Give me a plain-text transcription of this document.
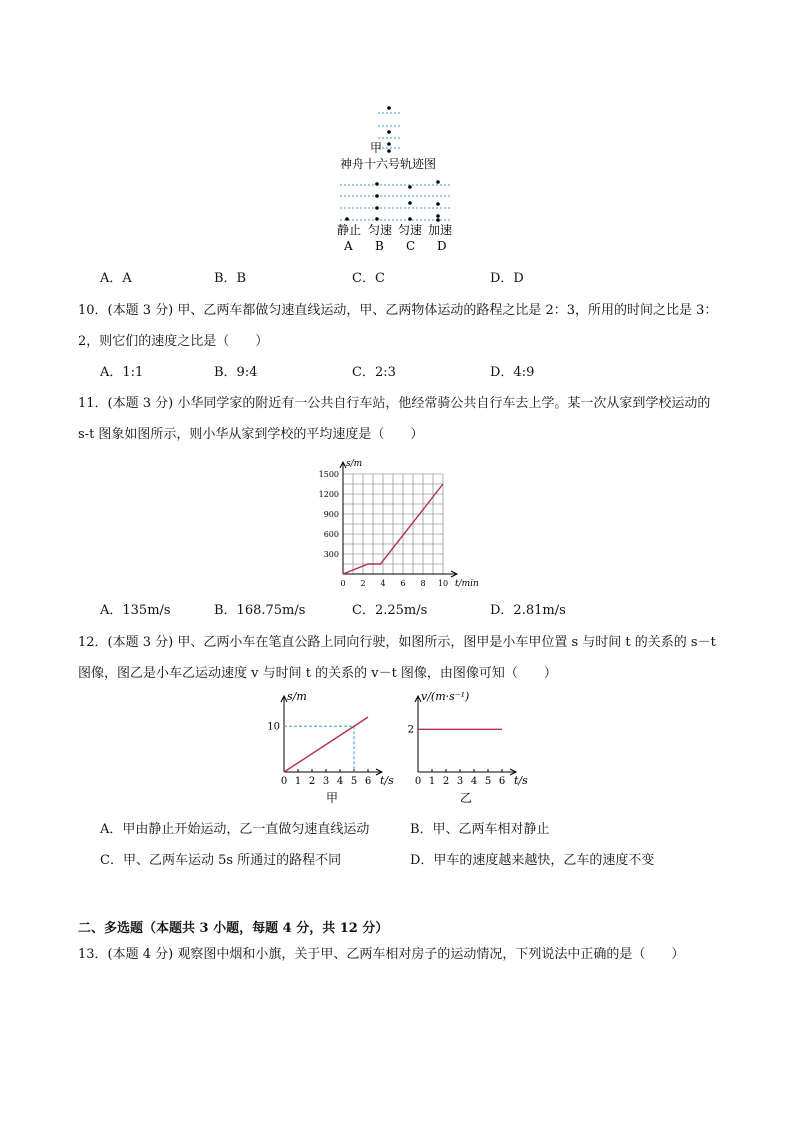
甲
神舟十六号轨迹图
静止 匀速 匀速 加速
A B C D
A．A	B．B	C．C	D．D
10．(本题 3 分) 甲、乙两车都做匀速直线运动，甲、乙两物体运动的路程之比是 2：3，所用的时间之比是 3：2，则它们的速度之比是（　　）
A．1:1	B．9:4	C．2:3	D．4:9
11．(本题 3 分) 小华同学家的附近有一公共自行车站，他经常骑公共自行车去上学。某一次从家到学校运动的 s-t 图象如图所示，则小华从家到学校的平均速度是（　　）
0 2 4 6 8 10
300
600
900
1200
1500
s/m
t/min
A．135m/s	B．168.75m/s	C．2.25m/s	D．2.81m/s
12．(本题 3 分) 甲、乙两小车在笔直公路上同向行驶，如图所示，图甲是小车甲位置 s 与时间 t 的关系的 s－t 图像，图乙是小车乙运动速度 v 与时间 t 的关系的 v－t 图像，由图像可知（　　）
0 1 2 3 4 5 6
10
s/m
t/s
甲
0 1 2 3 4 5 6
2
v/(m·s⁻¹)
t/s
乙
A．甲由静止开始运动，乙一直做匀速直线运动	B．甲、乙两车相对静止
C．甲、乙两车运动 5s 所通过的路程不同	D．甲车的速度越来越快，乙车的速度不变
二、多选题（本题共 3 小题，每题 4 分，共 12 分）
13．(本题 4 分) 观察图中烟和小旗，关于甲、乙两车相对房子的运动情况，下列说法中正确的是（　　）
